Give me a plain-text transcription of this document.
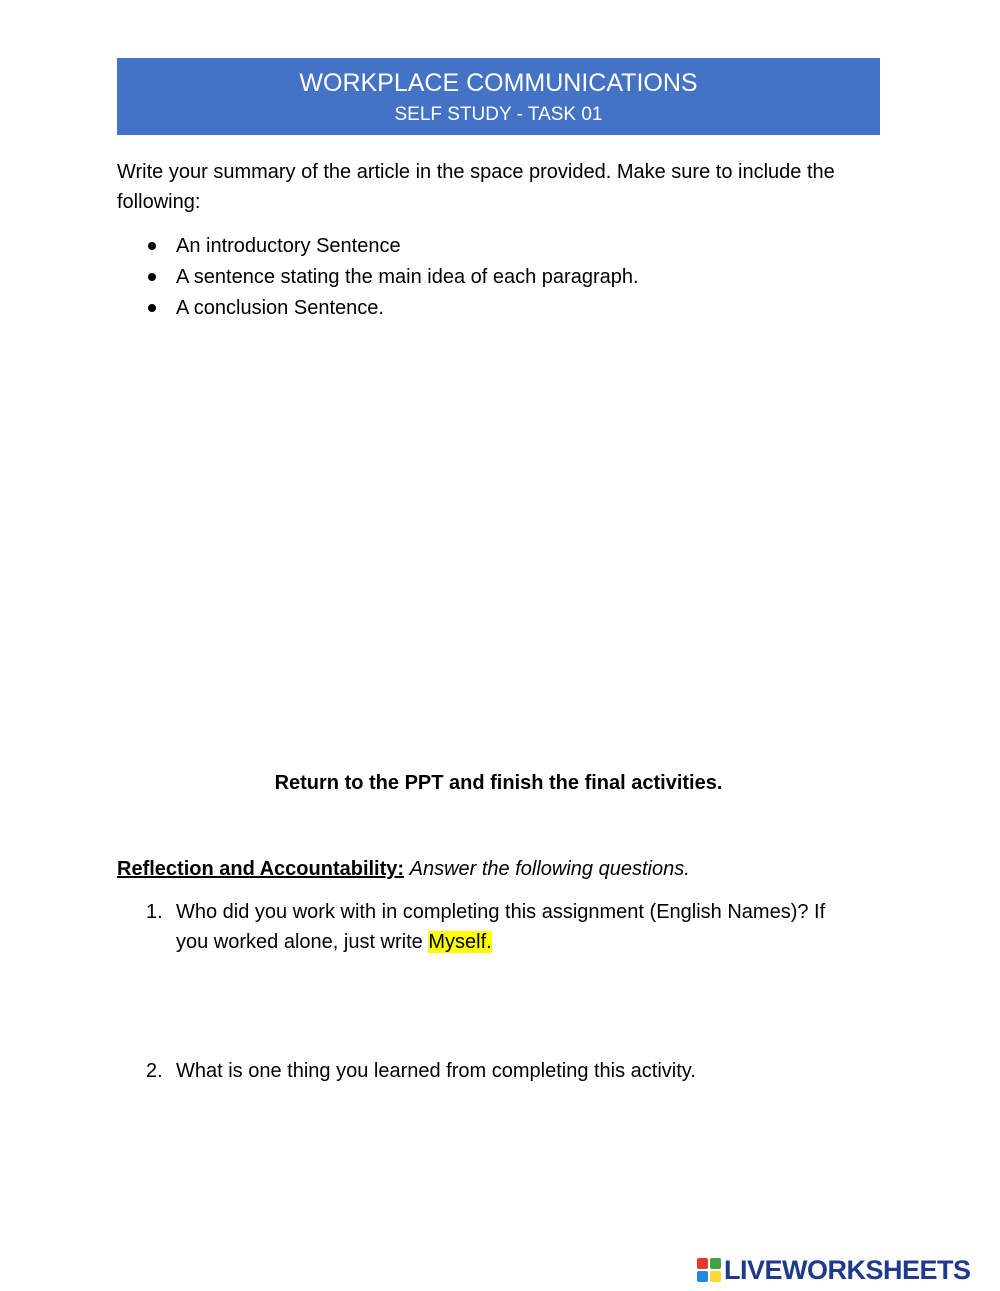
WORKPLACE COMMUNICATIONS
SELF STUDY - TASK 01
Write your summary of the article in the space provided. Make sure to include the following:
An introductory Sentence
A sentence stating the main idea of each paragraph.
A conclusion Sentence.
Return to the PPT and finish the final activities.
Reflection and Accountability: Answer the following questions.
1. Who did you work with in completing this assignment (English Names)? If
you worked alone, just write Myself.
2. What is one thing you learned from completing this activity.
LIVEWORKSHEETS
